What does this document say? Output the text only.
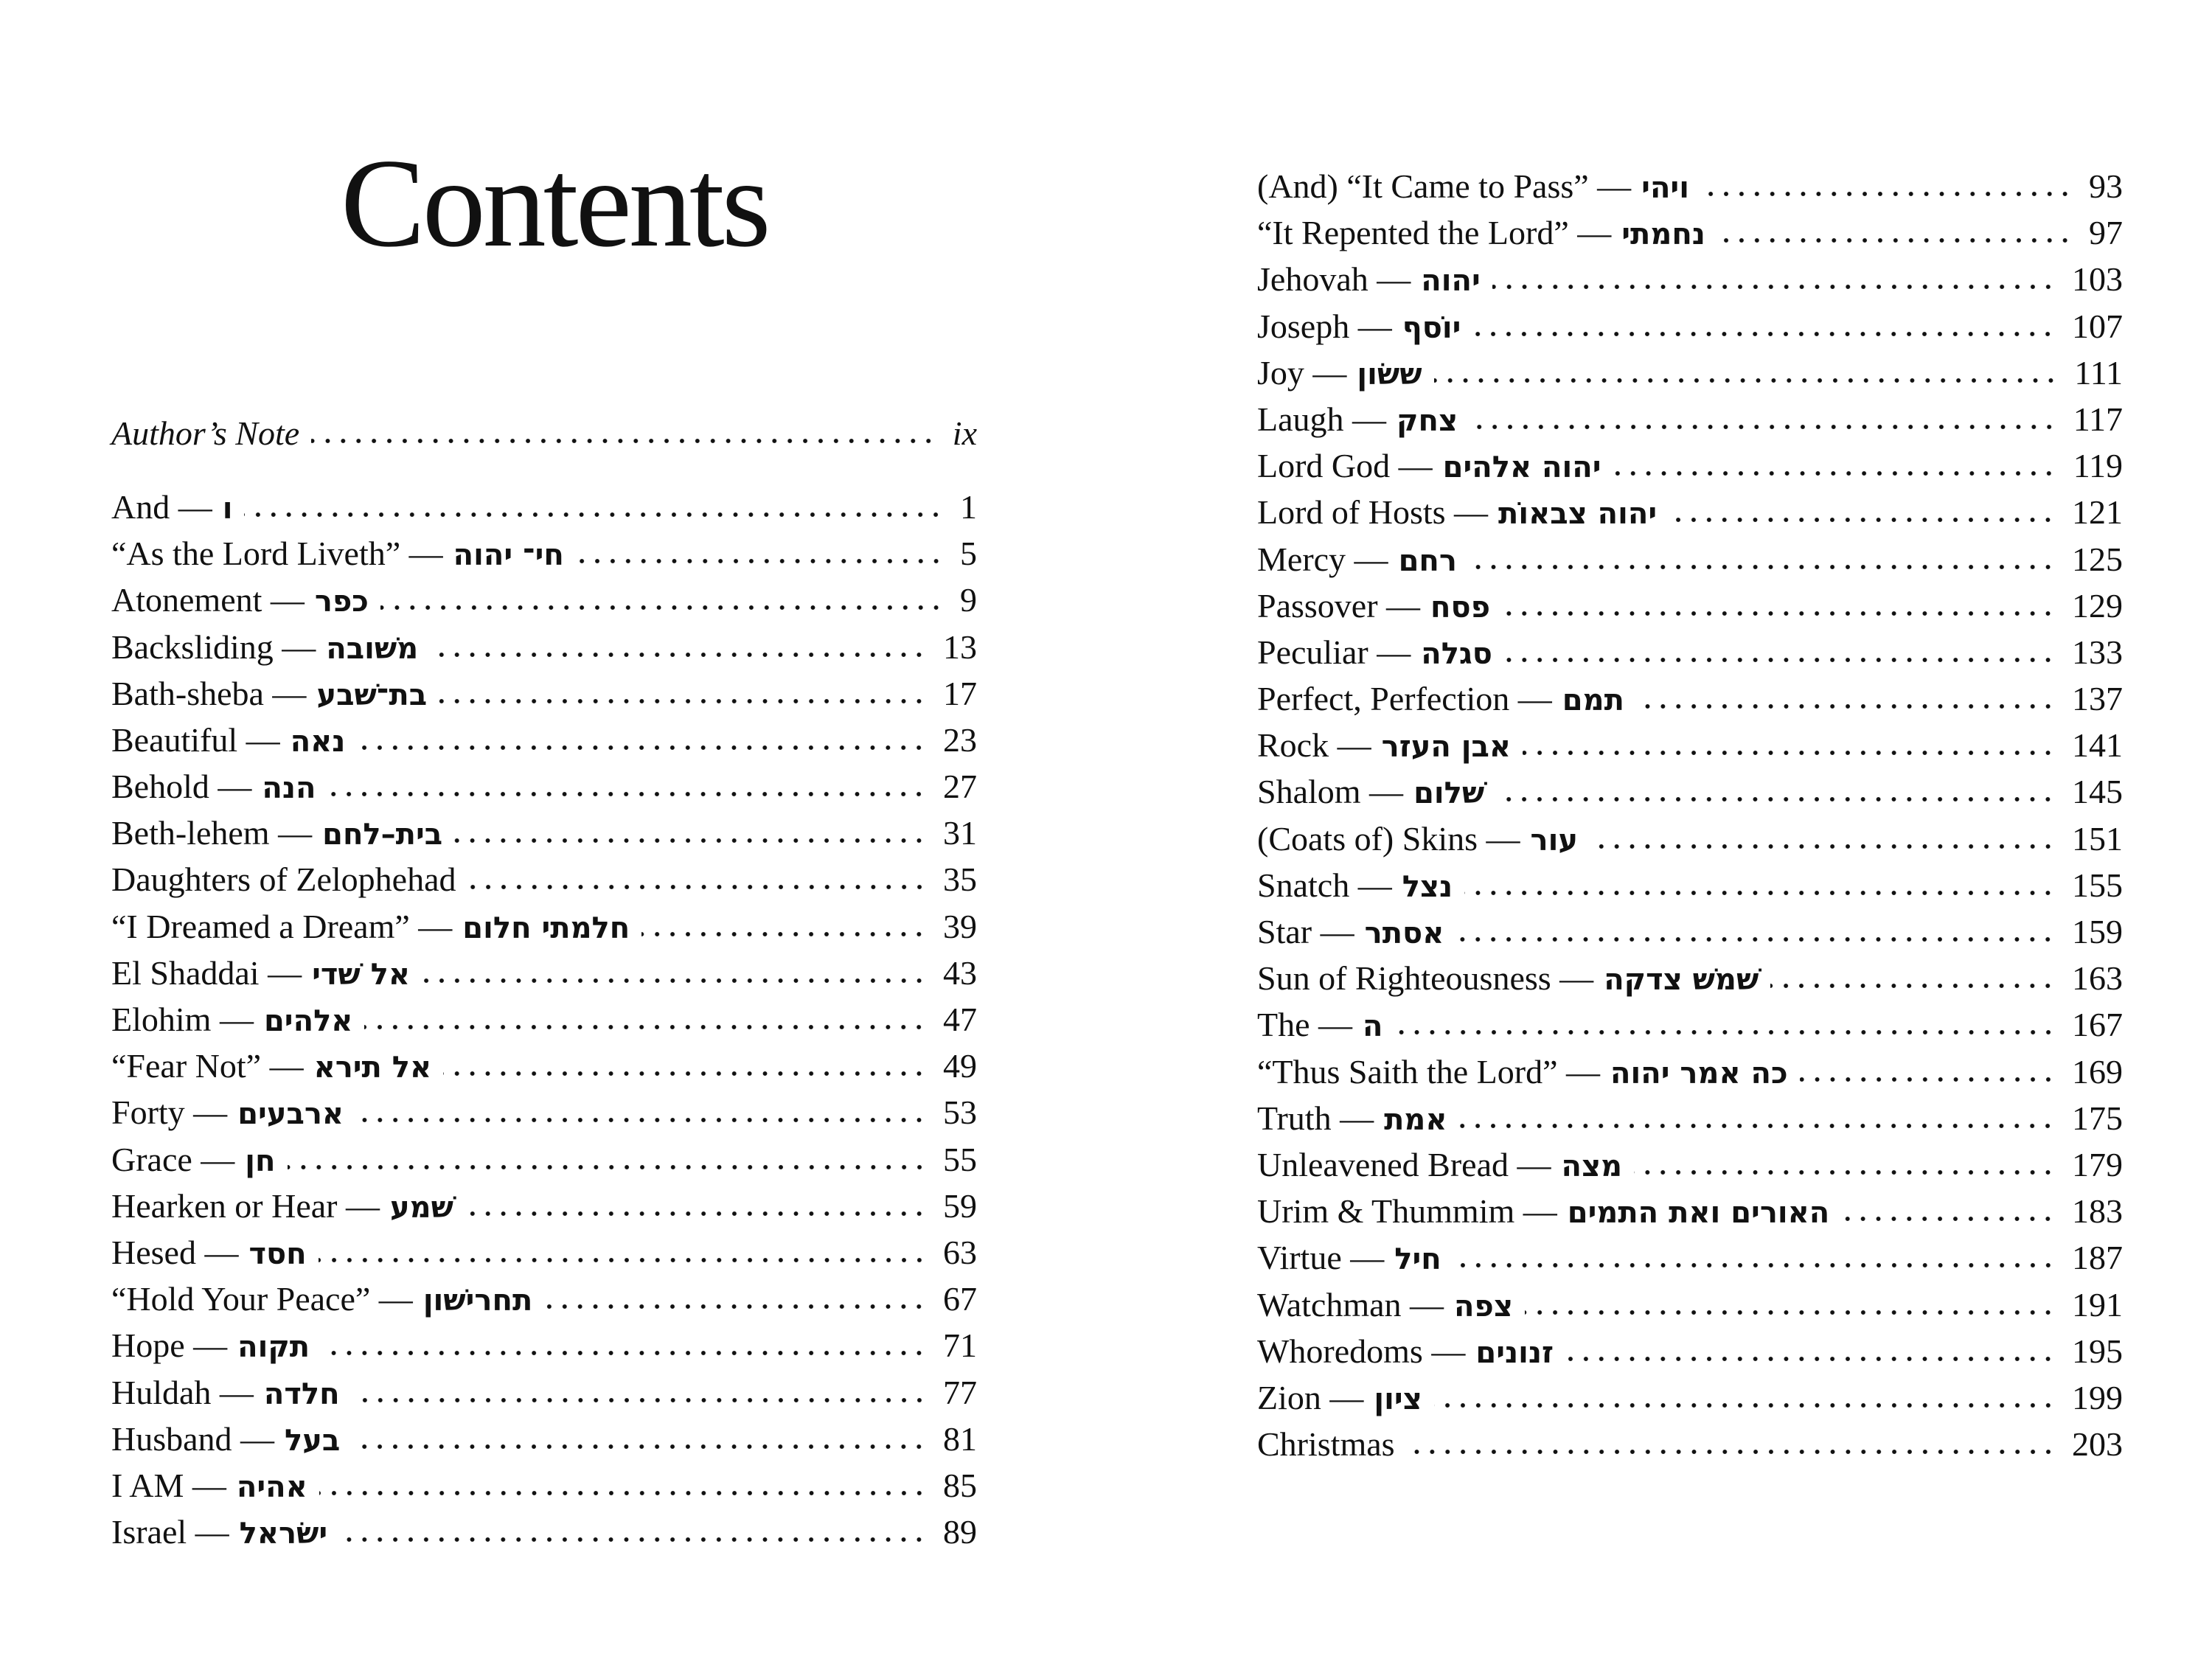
Contents
Author’s Note	ix
And — ו	1
“As the Lord Liveth” — חי־ יהוה	5
Atonement — כפר	9
Backsliding — משׁובה	13
Bath-sheba — בת־שׁבע	17
Beautiful — נאה	23
Behold — הנה	27
Beth-lehem — בית–לחם	31
Daughters of Zelophehad	35
“I Dreamed a Dream” — חלמתי חלום	39
El Shaddai — אל שׁדי	43
Elohim — אלהים	47
“Fear Not” — אל תירא	49
Forty — ארבעים	53
Grace — חן	55
Hearken or Hear — שׁמע	59
Hesed — חסד	63
“Hold Your Peace” — תחרישׁון	67
Hope — תקוה	71
Huldah — חלדה	77
Husband — בעל	81
I AM — אהיה	85
Israel — ישׂראל	89
(And) “It Came to Pass” — ויהי	93
“It Repented the Lord” — נחמתי	97
Jehovah — יהוה	103
Joseph — יוֹסף	107
Joy — ששׂון	111
Laugh — צחק	117
Lord God — יהוה אלהים	119
Lord of Hosts — יהוה צבאוֹת	121
Mercy — רחם	125
Passover — פסח	129
Peculiar — סגלה	133
Perfect, Perfection — תמם	137
Rock — אבן העזר	141
Shalom — שׁלום	145
(Coats of) Skins — עור	151
Snatch — נצל	155
Star — אסתר	159
Sun of Righteousness — שׁמשׁ צדקה	163
The — ה	167
“Thus Saith the Lord” — כה אמר יהוה	169
Truth — אמת	175
Unleavened Bread — מצה	179
Urim & Thummim — האורים ואת התמים	183
Virtue — חיל	187
Watchman — צפה	191
Whoredoms — זנונים	195
Zion — ציון	199
Christmas	203
